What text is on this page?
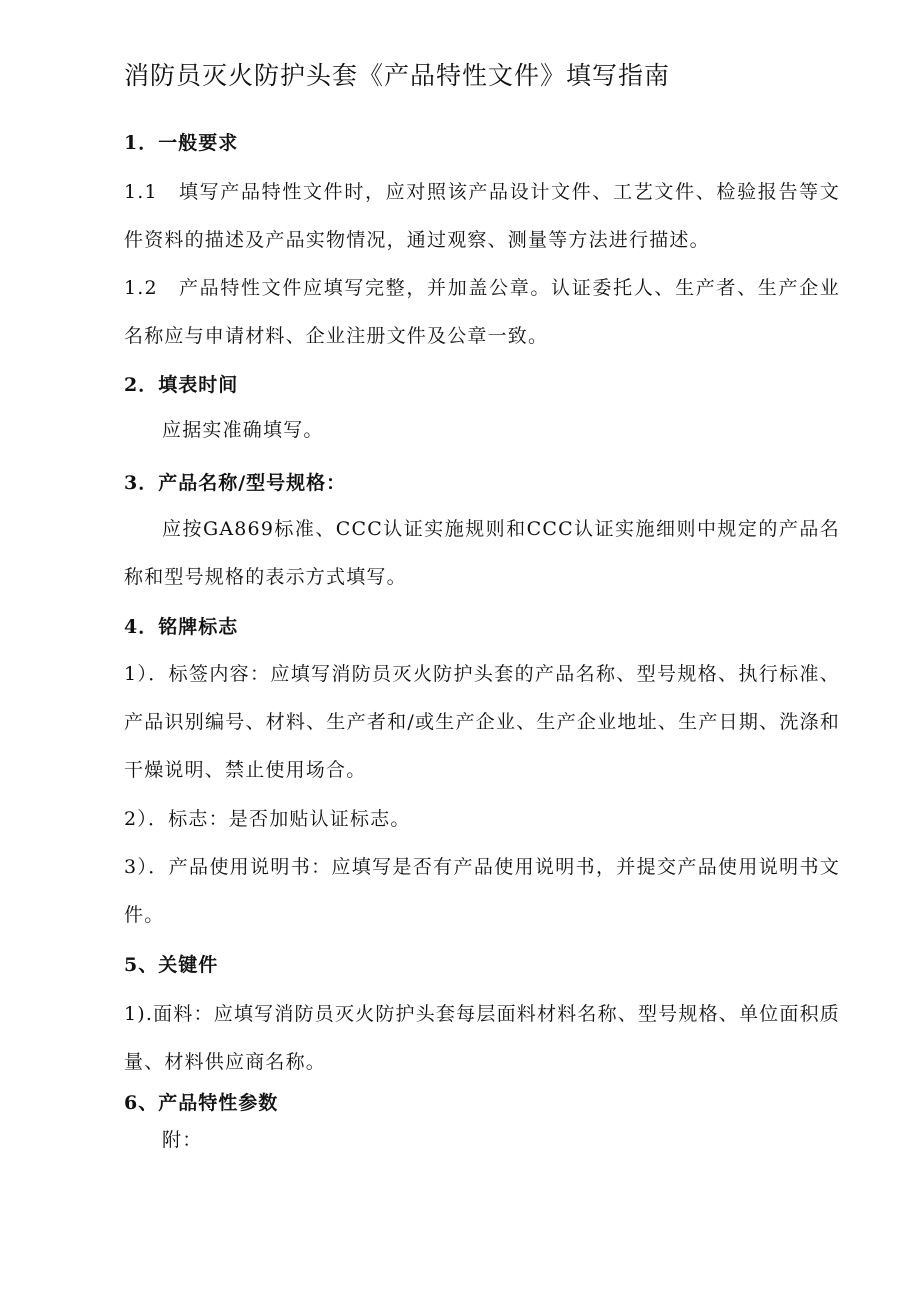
消防员灭火防护头套《产品特性文件》填写指南
1．一般要求
1.1　填写产品特性文件时，应对照该产品设计文件、工艺文件、检验报告等文件资料的描述及产品实物情况，通过观察、测量等方法进行描述。
1.2　产品特性文件应填写完整，并加盖公章。认证委托人、生产者、生产企业名称应与申请材料、企业注册文件及公章一致。
2．填表时间
应据实准确填写。
3．产品名称/型号规格：
应按GA869标准、CCC认证实施规则和CCC认证实施细则中规定的产品名称和型号规格的表示方式填写。
4．铭牌标志
1）．标签内容：应填写消防员灭火防护头套的产品名称、型号规格、执行标准、产品识别编号、材料、生产者和/或生产企业、生产企业地址、生产日期、洗涤和干燥说明、禁止使用场合。
2）．标志：是否加贴认证标志。
3）．产品使用说明书：应填写是否有产品使用说明书，并提交产品使用说明书文件。
5、关键件
1).面料：应填写消防员灭火防护头套每层面料材料名称、型号规格、单位面积质量、材料供应商名称。
6、产品特性参数
附：
